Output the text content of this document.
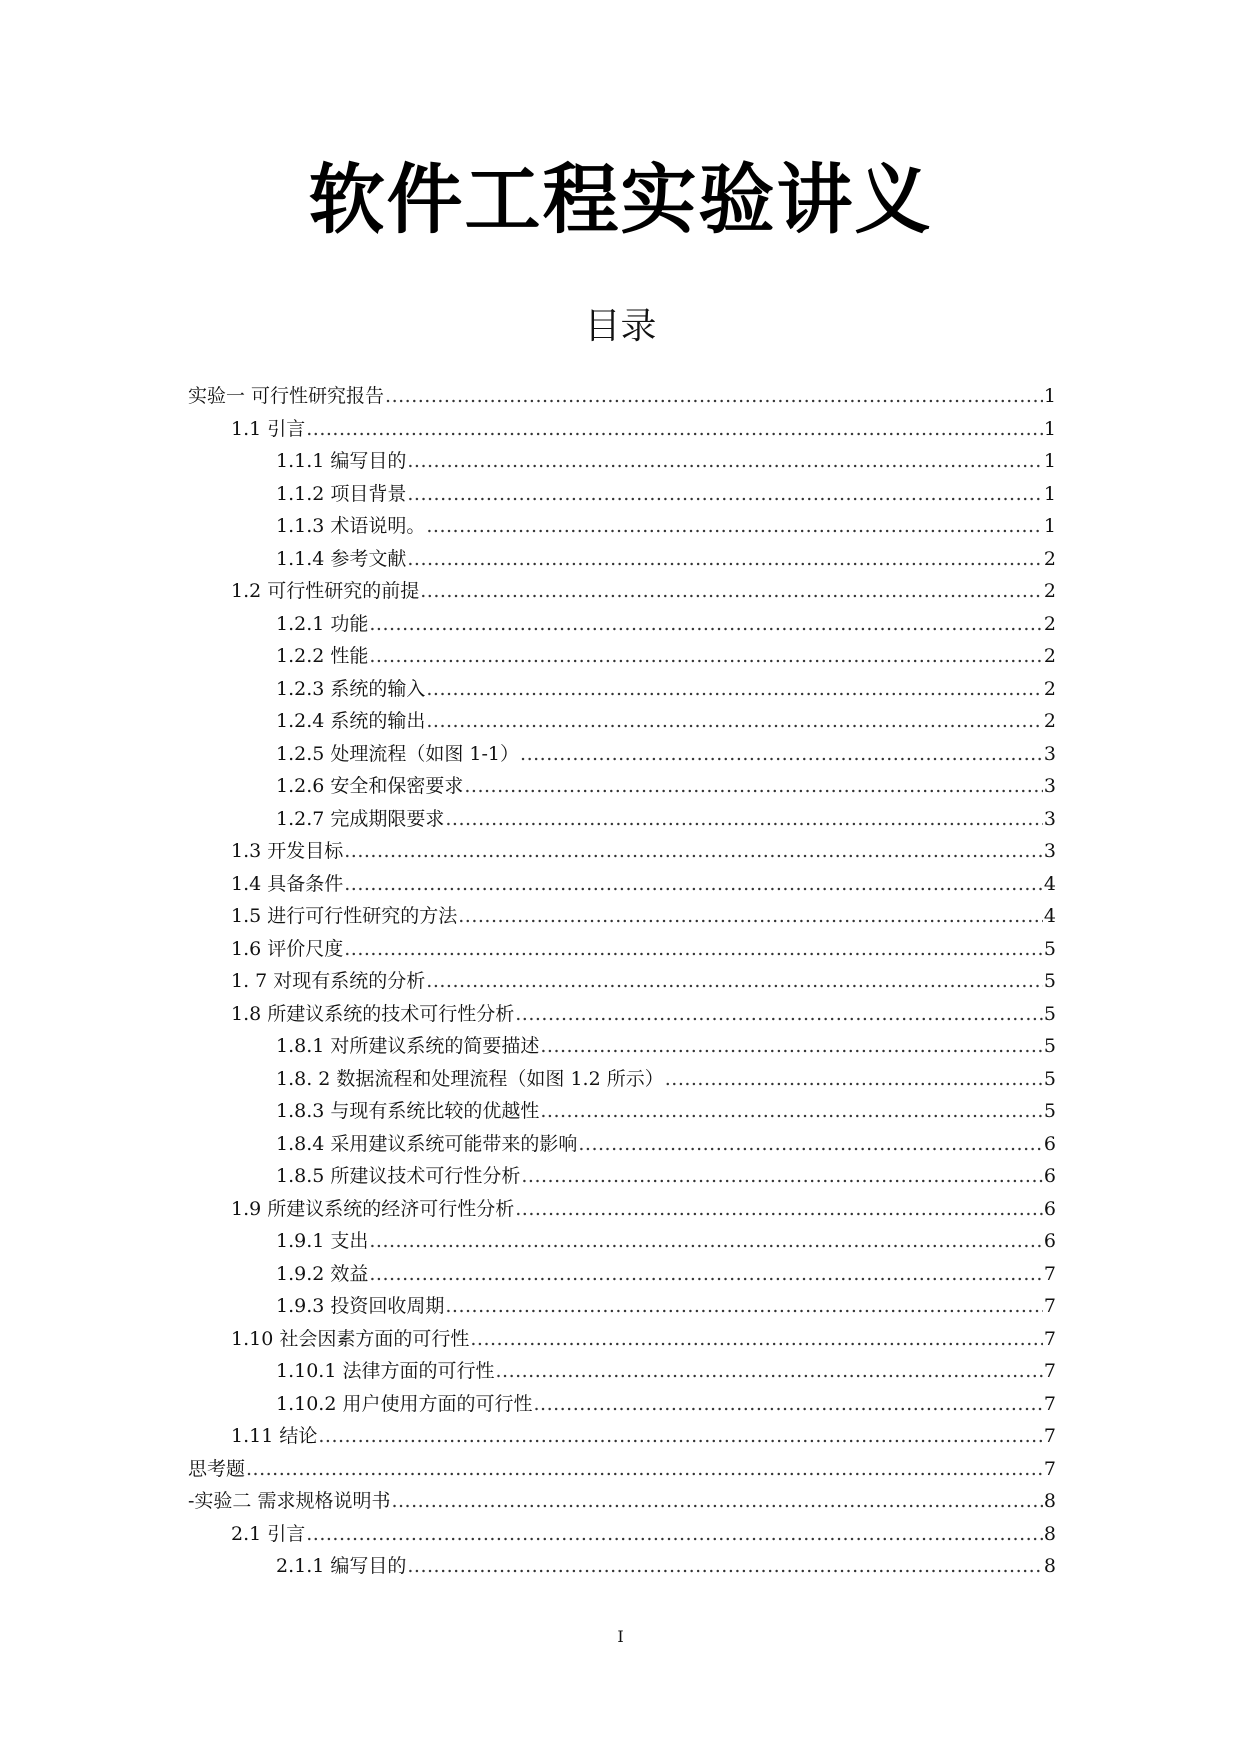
软件工程实验讲义
目录
实验一 可行性研究报告 .....	1
1.1 引言 .....	1
1.1.1 编写目的 .....	1
1.1.2 项目背景 .....	1
1.1.3 术语说明。 .....	1
1.1.4 参考文献 .....	2
1.2 可行性研究的前提 .....	2
1.2.1 功能 .....	2
1.2.2 性能 .....	2
1.2.3 系统的输入 .....	2
1.2.4 系统的输出 .....	2
1.2.5 处理流程（如图 1-1） .....	3
1.2.6 安全和保密要求 .....	3
1.2.7 完成期限要求 .....	3
1.3 开发目标 .....	3
1.4 具备条件 .....	4
1.5 进行可行性研究的方法 .....	4
1.6 评价尺度 .....	5
1. 7 对现有系统的分析 .....	5
1.8 所建议系统的技术可行性分析 .....	5
1.8.1 对所建议系统的简要描述 .....	5
1.8. 2 数据流程和处理流程（如图 1.2 所示） .....	5
1.8.3 与现有系统比较的优越性 .....	5
1.8.4 采用建议系统可能带来的影响 .....	6
1.8.5 所建议技术可行性分析 .....	6
1.9 所建议系统的经济可行性分析 .....	6
1.9.1 支出 .....	6
1.9.2 效益 .....	7
1.9.3 投资回收周期 .....	7
1.10 社会因素方面的可行性 .....	7
1.10.1 法律方面的可行性 .....	7
1.10.2 用户使用方面的可行性 .....	7
1.11 结论 .....	7
思考题 .....	7
-实验二 需求规格说明书 .....	8
2.1 引言 .....	8
2.1.1 编写目的 .....	8
I
